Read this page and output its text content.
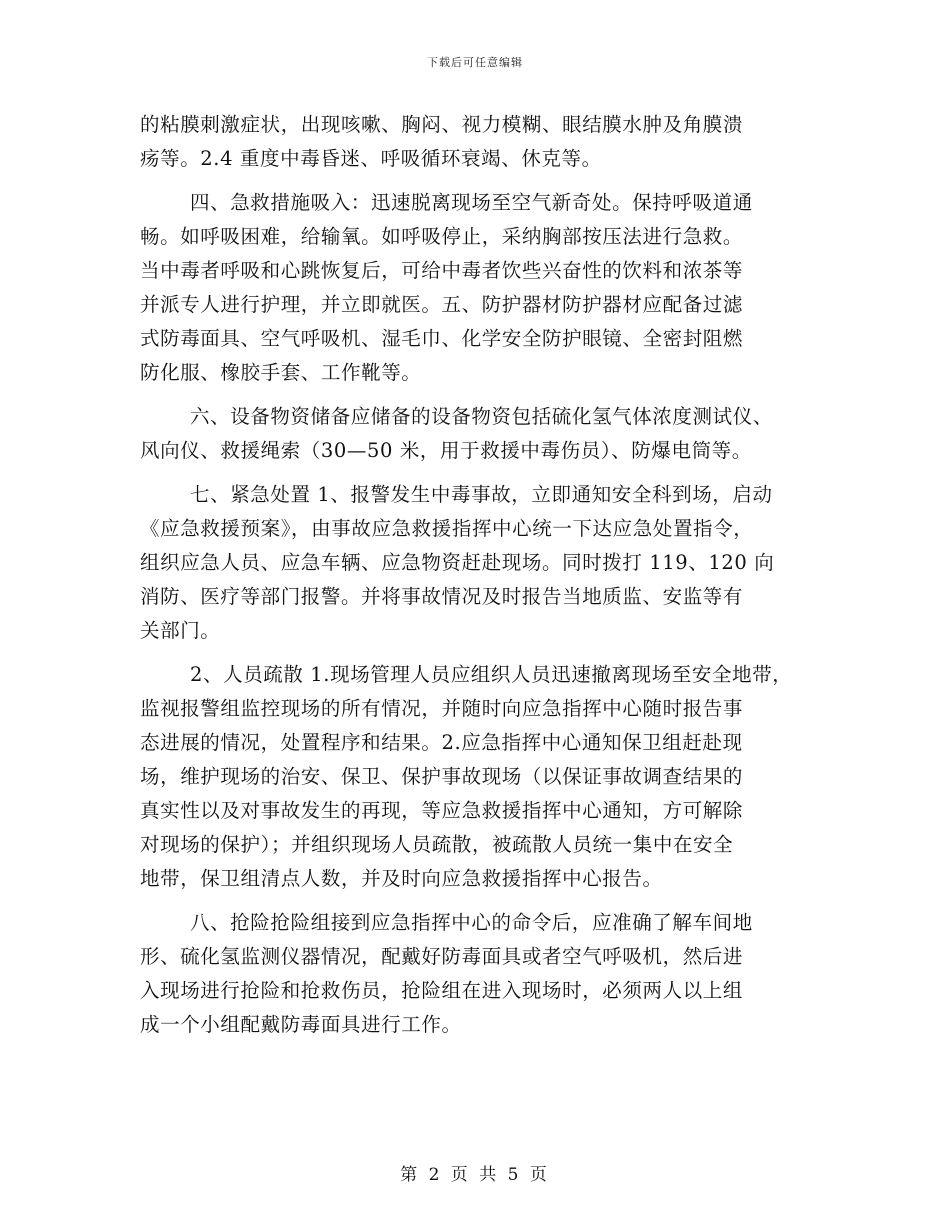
下载后可任意编辑
的粘膜刺激症状，出现咳嗽、胸闷、视力模糊、眼结膜水肿及角膜溃
疡等。2.4 重度中毒昏迷、呼吸循环衰竭、休克等。
四、急救措施吸入：迅速脱离现场至空气新奇处。保持呼吸道通
畅。如呼吸困难，给输氧。如呼吸停止，采纳胸部按压法进行急救。
当中毒者呼吸和心跳恢复后，可给中毒者饮些兴奋性的饮料和浓茶等
并派专人进行护理，并立即就医。五、防护器材防护器材应配备过滤
式防毒面具、空气呼吸机、湿毛巾、化学安全防护眼镜、全密封阻燃
防化服、橡胶手套、工作靴等。
六、设备物资储备应储备的设备物资包括硫化氢气体浓度测试仪、
风向仪、救援绳索（30—50 米，用于救援中毒伤员）、防爆电筒等。
七、紧急处置 1、报警发生中毒事故，立即通知安全科到场，启动
《应急救援预案》，由事故应急救援指挥中心统一下达应急处置指令，
组织应急人员、应急车辆、应急物资赶赴现场。同时拨打 119、120 向
消防、医疗等部门报警。并将事故情况及时报告当地质监、安监等有
关部门。
2、人员疏散 1.现场管理人员应组织人员迅速撤离现场至安全地带，
监视报警组监控现场的所有情况，并随时向应急指挥中心随时报告事
态进展的情况，处置程序和结果。2.应急指挥中心通知保卫组赶赴现
场，维护现场的治安、保卫、保护事故现场（以保证事故调查结果的
真实性以及对事故发生的再现，等应急救援指挥中心通知，方可解除
对现场的保护）；并组织现场人员疏散，被疏散人员统一集中在安全
地带，保卫组清点人数，并及时向应急救援指挥中心报告。
八、抢险抢险组接到应急指挥中心的命令后，应准确了解车间地
形、硫化氢监测仪器情况，配戴好防毒面具或者空气呼吸机，然后进
入现场进行抢险和抢救伤员，抢险组在进入现场时，必须两人以上组
成一个小组配戴防毒面具进行工作。
第 2 页 共 5 页
